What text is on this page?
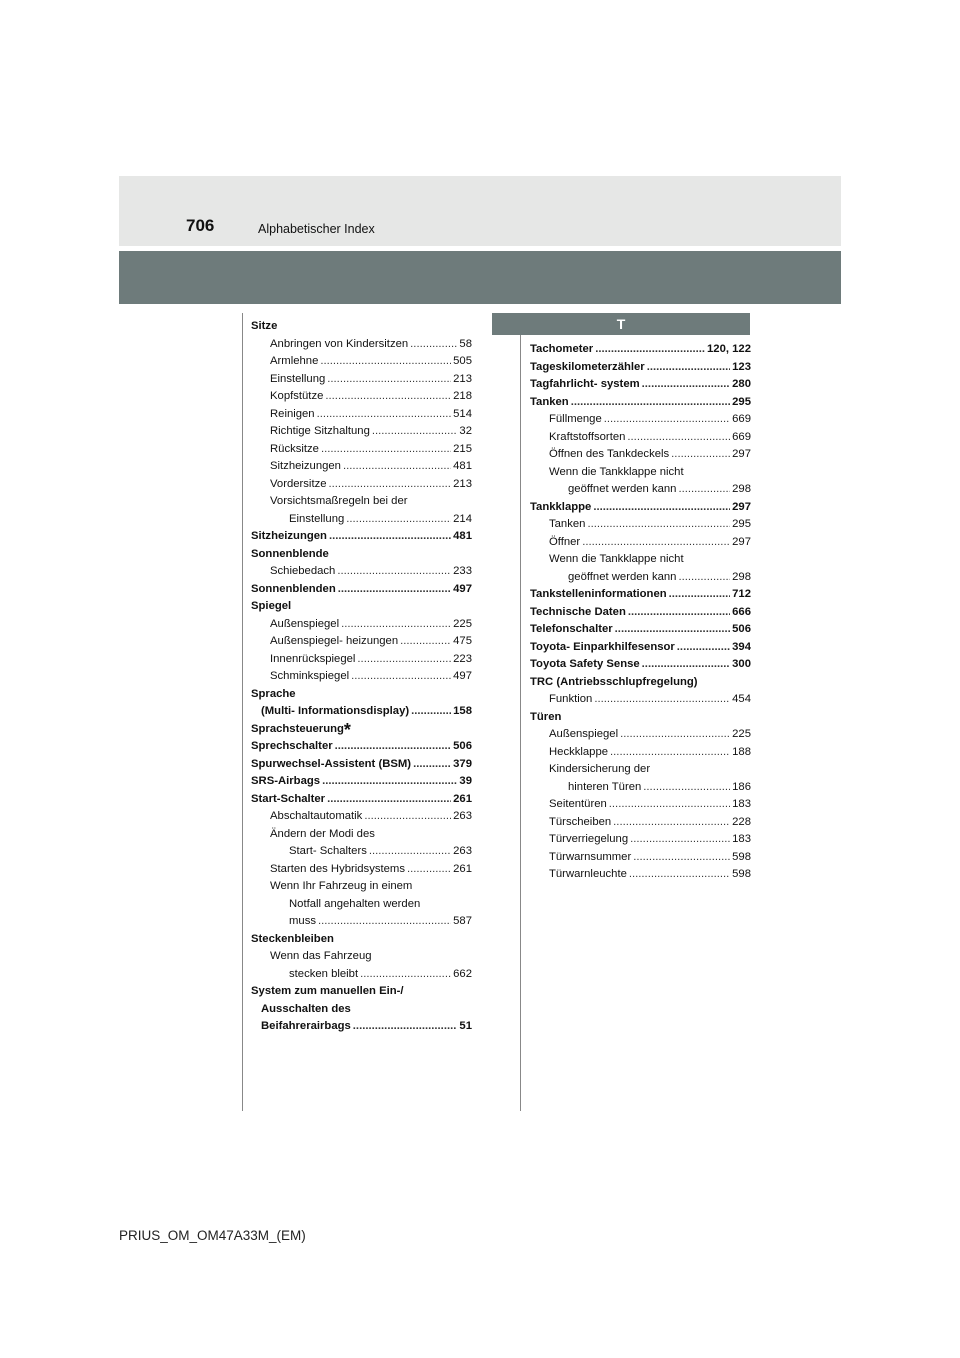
706	Alphabetischer Index
Sitze
Anbringen von Kindersitzen .....	58
Armlehne .....	505
Einstellung .....	213
Kopfstütze .....	218
Reinigen .....	514
Richtige Sitzhaltung .....	32
Rücksitze .....	215
Sitzheizungen .....	481
Vordersitze .....	213
Vorsichtsmaßregeln bei der
Einstellung .....	214
Sitzheizungen .....	481
Sonnenblende
Schiebedach .....	233
Sonnenblenden .....	497
Spiegel
Außenspiegel .....	225
Außenspiegel- heizungen .....	475
Innenrückspiegel .....	223
Schminkspiegel .....	497
Sprache
(Multi- Informationsdisplay) .....	158
Sprachsteuerung*
Sprechschalter .....	506
Spurwechsel-Assistent (BSM) .....	379
SRS-Airbags .....	39
Start-Schalter .....	261
Abschaltautomatik .....	263
Ändern der Modi des
Start- Schalters .....	263
Starten des Hybridsystems .....	261
Wenn Ihr Fahrzeug in einem
Notfall angehalten werden
muss .....	587
Steckenbleiben
Wenn das Fahrzeug
stecken bleibt .....	662
System zum manuellen Ein-/
Ausschalten des
Beifahrerairbags .....	51
T
Tachometer .....	120, 122
Tageskilometerzähler .....	123
Tagfahrlicht- system .....	280
Tanken .....	295
Füllmenge .....	669
Kraftstoffsorten .....	669
Öffnen des Tankdeckels .....	297
Wenn die Tankklappe nicht
geöffnet werden kann .....	298
Tankklappe .....	297
Tanken .....	295
Öffner .....	297
Wenn die Tankklappe nicht
geöffnet werden kann .....	298
Tankstelleninformationen .....	712
Technische Daten .....	666
Telefonschalter .....	506
Toyota- Einparkhilfesensor .....	394
Toyota Safety Sense .....	300
TRC (Antriebsschlupfregelung)
Funktion .....	454
Türen
Außenspiegel .....	225
Heckklappe .....	188
Kindersicherung der
hinteren Türen .....	186
Seitentüren .....	183
Türscheiben .....	228
Türverriegelung .....	183
Türwarnsummer .....	598
Türwarnleuchte .....	598
PRIUS_OM_OM47A33M_(EM)
